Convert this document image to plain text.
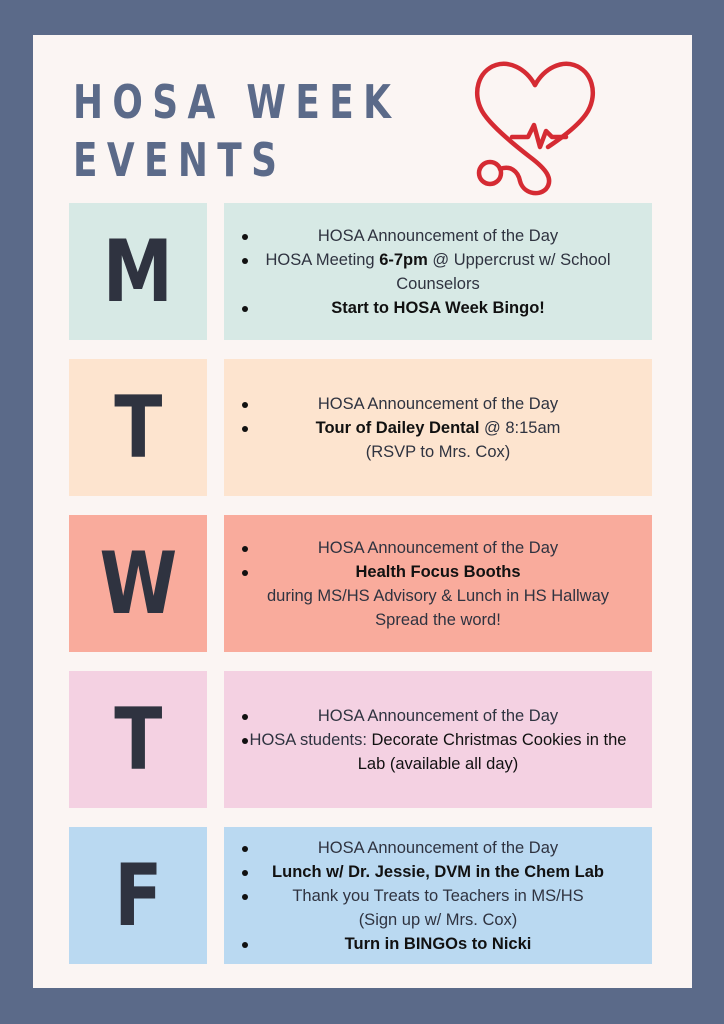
HOSA WEEK
EVENTS
M	HOSA Announcement of the Day
HOSA Meeting 6-7pm @ Uppercrust w/ School Counselors
Start to HOSA Week Bingo!
T	HOSA Announcement of the Day
Tour of Dailey Dental @ 8:15am
(RSVP to Mrs. Cox)
W	HOSA Announcement of the Day
Health Focus Booths
during MS/HS Advisory & Lunch in HS Hallway
Spread the word!
T	HOSA Announcement of the Day
HOSA students: Decorate Christmas Cookies in the Lab (available all day)
F	HOSA Announcement of the Day
Lunch w/ Dr. Jessie, DVM in the Chem Lab
Thank you Treats to Teachers in MS/HS
(Sign up w/ Mrs. Cox)
Turn in BINGOs to Nicki
